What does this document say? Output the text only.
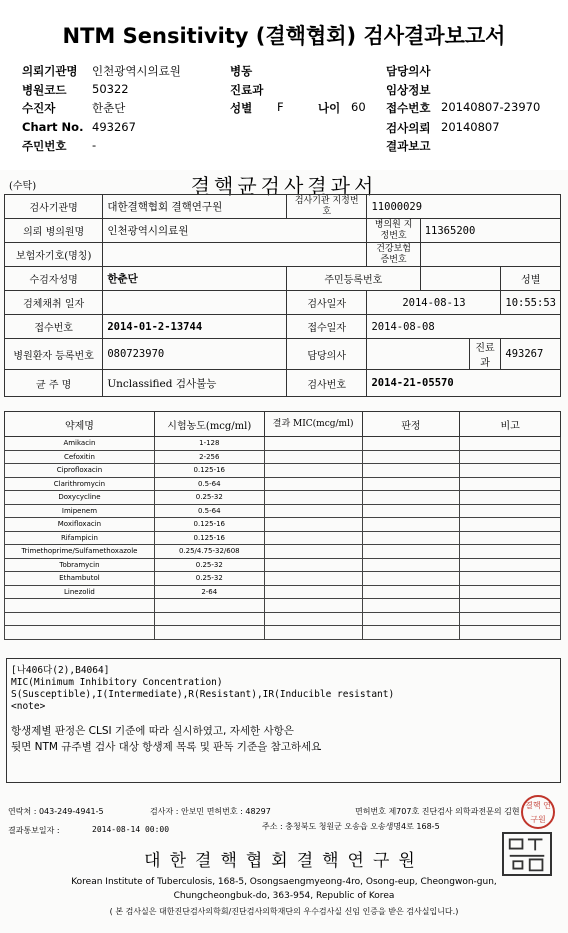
NTM Sensitivity (결핵협회) 검사결과보고서
의뢰기관명 인천광역시의료원	병동	담당의사
병원코드 50322	진료과	임상정보
수진자	한춘단	성별 F	나이 60 접수번호 20140807-23970
Chart No. 493267	검사의뢰 20140807
주민번호 -	결과보고
(수탁)	결핵균검사결과서
검사기관명	대한결핵협회 결핵연구원	검사기관 지정번호	11000029			
의뢰 병의원명	인천광역시의료원		병의원 지정번호	11365200		
보험자기호(명칭)			건강보험 증번호			
수검자성명	한춘단	주민등록번호				성별
검체채취 일자		검사일자	2014-08-13			10:55:53
접수번호	2014-01-2-13744	접수일자	2014-08-08			
병원환자 등록번호	080723970	담당의사			진료과	493267
균 주 명	Unclassified 검사불능	검사번호	2014-21-05570			
약제명	시험농도(mcg/ml)	결과 MIC(mcg/ml)	판정	비고
Amikacin	1-128			
Cefoxitin	2-256			
Ciprofloxacin	0.125-16			
Clarithromycin	0.5-64			
Doxycycline	0.25-32			
Imipenem	0.5-64			
Moxifloxacin	0.125-16			
Rifampicin	0.125-16			
Trimethoprime/Sulfamethoxazole	0.25/4.75-32/608			
Tobramycin	0.25-32			
Ethambutol	0.25-32			
Linezolid	2-64			

[나406다(2),B4064]
MIC(Minimum Inhibitory Concentration)
S(Susceptible),I(Intermediate),R(Resistant),IR(Inducible resistant)
<note>
항생제별 판정은 CLSI 기준에 따라 실시하였고, 자세한 사항은
뒷면 NTM 규주별 검사 대상 항생제 목록 및 판독 기준을 참고하세요
연락처 : 043-249-4941-5	검사자 : 안보민 면허번호 : 48297	면허번호 제707호 진단검사 의학과전문의 김현
결과통보일자 :	2014-08-14 00:00	주소 : 충청북도 청원군 오송읍 오송생명4로 168-5
결핵 연구원
대한결핵협회결핵연구원
Korean Institute of Tuberculosis, 168-5, Osongsaengmyeong-4ro, Osong-eup, Cheongwon-gun,
Chungcheongbuk-do, 363-954, Republic of Korea
( 본 검사실은 대한진단검사의학회/진단검사의학재단의 우수검사실 신임 인증을 받은 검사실입니다.)
